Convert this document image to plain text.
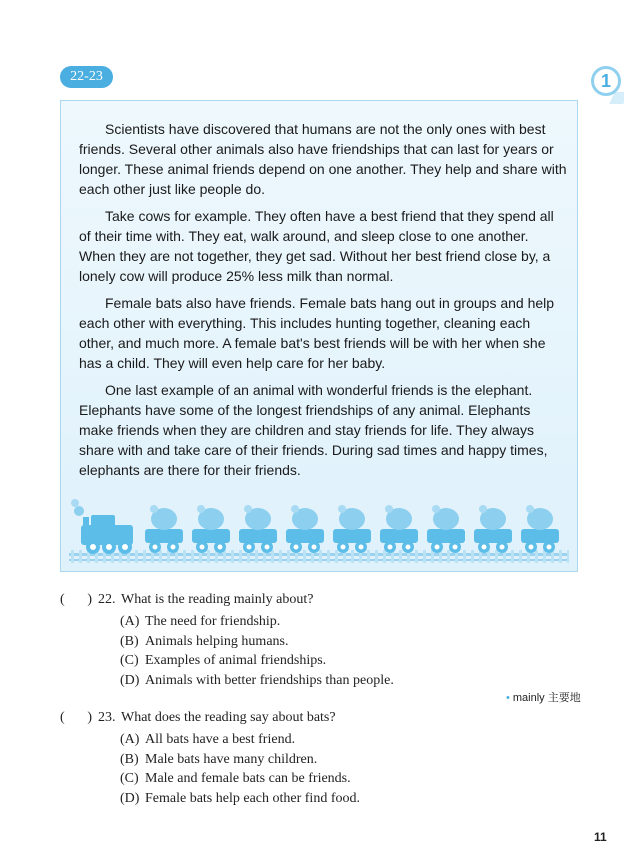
22-23	1

Scientists have discovered that humans are not the only ones with best friends. Several other animals also have friendships that can last for years or longer. These animal friends depend on one another. They help and share with each other just like people do.

Take cows for example. They often have a best friend that they spend all of their time with. They eat, walk around, and sleep close to one another. When they are not together, they get sad. Without her best friend close by, a lonely cow will produce 25% less milk than normal.

Female bats also have friends. Female bats hang out in groups and help each other with everything. This includes hunting together, cleaning each other, and much more. A female bat's best friends will be with her when she has a child. They will even help care for her baby.

One last example of an animal with wonderful friends is the elephant. Elephants have some of the longest friendships of any animal. Elephants make friends when they are children and stay friends for life. They always share with and take care of their friends. During sad times and happy times, elephants are there for their friends.

( ) 22. What is the reading mainly about?
(A) The need for friendship.
(B) Animals helping humans.
(C) Examples of animal friendships.
(D) Animals with better friendships than people.
• mainly 主要地
( ) 23. What does the reading say about bats?
(A) All bats have a best friend.
(B) Male bats have many children.
(C) Male and female bats can be friends.
(D) Female bats help each other find food.
11
